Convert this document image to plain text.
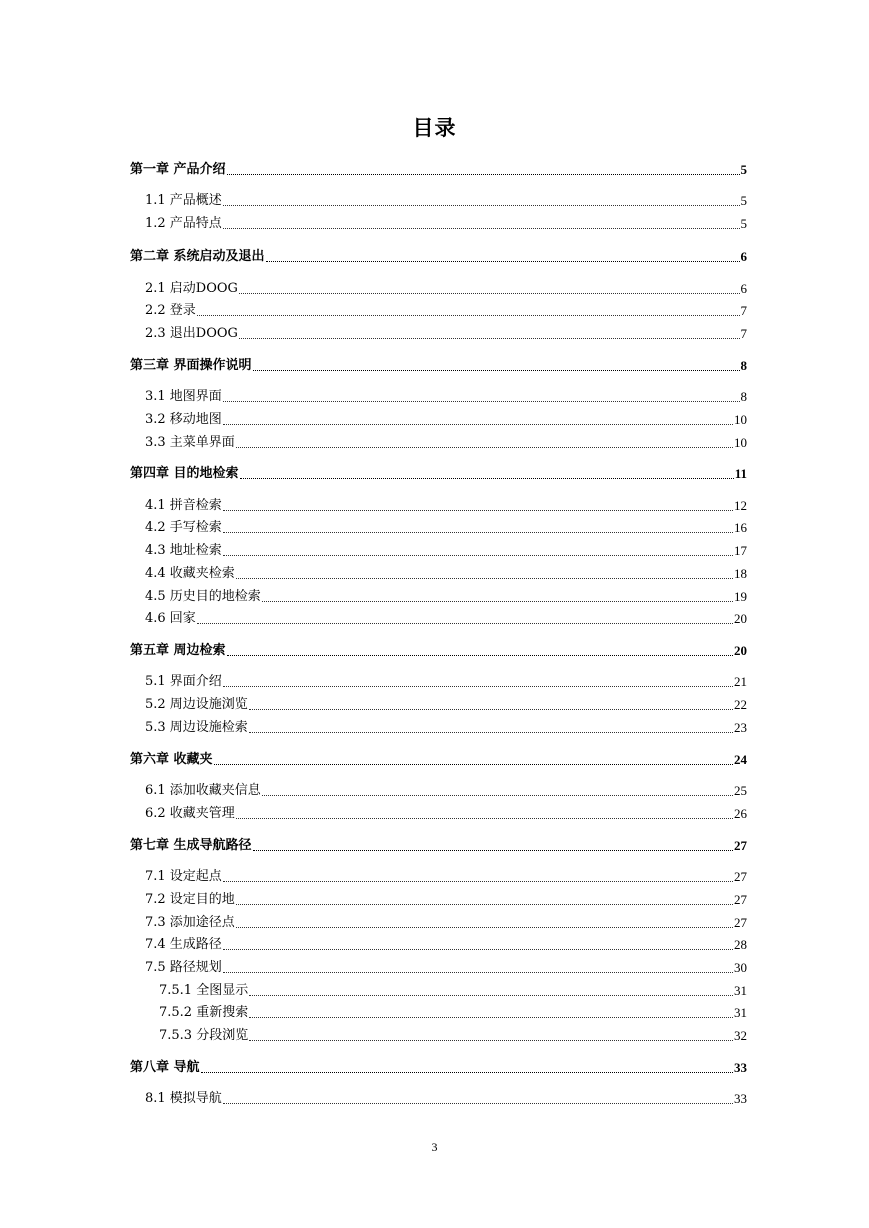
目录
第一章 产品介绍	5
1.1 产品概述	5
1.2 产品特点	5
第二章 系统启动及退出	6
2.1 启动DOOG	6
2.2 登录	7
2.3 退出DOOG	7
第三章 界面操作说明	8
3.1 地图界面	8
3.2 移动地图	10
3.3 主菜单界面	10
第四章 目的地检索	11
4.1 拼音检索	12
4.2 手写检索	16
4.3 地址检索	17
4.4 收藏夹检索	18
4.5 历史目的地检索	19
4.6 回家	20
第五章 周边检索	20
5.1 界面介绍	21
5.2 周边设施浏览	22
5.3 周边设施检索	23
第六章 收藏夹	24
6.1 添加收藏夹信息	25
6.2 收藏夹管理	26
第七章 生成导航路径	27
7.1 设定起点	27
7.2 设定目的地	27
7.3 添加途径点	27
7.4 生成路径	28
7.5 路径规划	30
7.5.1 全图显示	31
7.5.2 重新搜索	31
7.5.3 分段浏览	32
第八章 导航	33
8.1 模拟导航	33
3
